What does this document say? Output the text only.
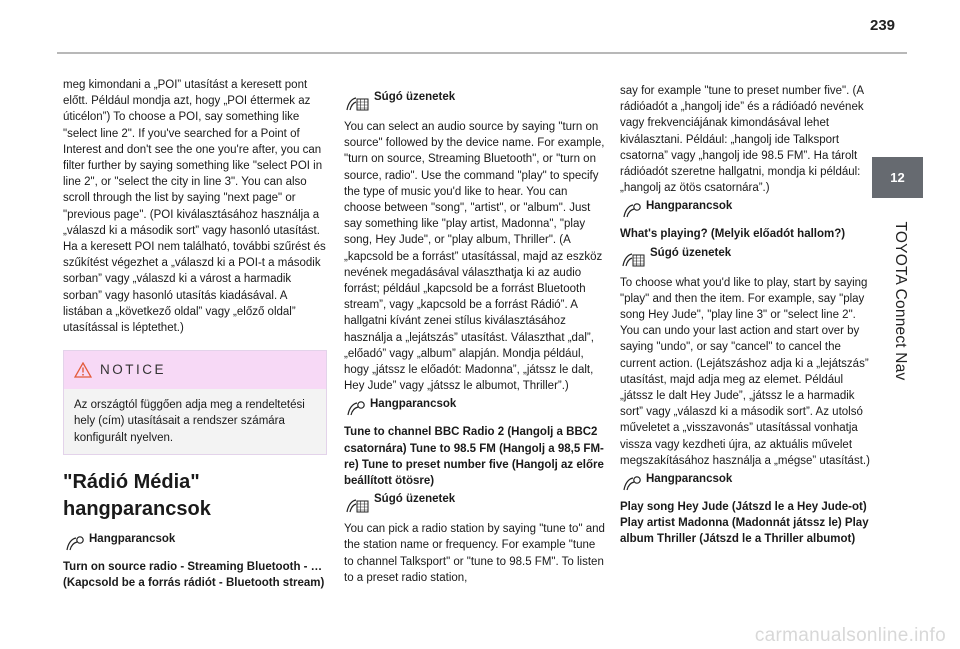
239
12
TOYOTA Connect Nav

meg kimondani a „POI” utasítást a keresett pont előtt. Például mondja azt, hogy „POI éttermek az úticélon”) To choose a POI, say something like "select line 2". If you've searched for a Point of Interest and don't see the one you're after, you can filter further by saying something like "select POI in line 2", or "select the city in line 3". You can also scroll through the list by saying "next page" or "previous page". (POI kiválasztásához használja a „válaszd ki a második sort” vagy hasonló utasítást. Ha a keresett POI nem található, további szűrést és szűkítést végezhet a „válaszd ki a POI-t a második sorban” vagy „válaszd ki a várost a harmadik sorban” vagy hasonló utasítás kiadásával. A listában a „következő oldal” vagy „előző oldal” utasítással is léptethet.)

NOTICE
Az országtól függően adja meg a rendeltetési hely (cím) utasításait a rendszer számára konfigurált nyelven.
"Rádió Média" hangparancsok
Hangparancsok

Turn on source radio - Streaming Bluetooth - … (Kapcsold be a forrás rádiót - Bluetooth stream)

Súgó üzenetek

You can select an audio source by saying "turn on source" followed by the device name. For example, "turn on source, Streaming Bluetooth", or "turn on source, radio". Use the command "play" to specify the type of music you'd like to hear. You can choose between "song", "artist", or "album". Just say something like "play artist, Madonna", "play song, Hey Jude", or "play album, Thriller". (A „kapcsold be a forrást” utasítással, majd az eszköz nevének megadásával választhatja ki az audio forrást; például „kapcsold be a forrást Bluetooth stream”, vagy „kapcsold be a forrást Rádió”. A hallgatni kívánt zenei stílus kiválasztásához használja a „lejátszás” utasítást. Választhat „dal”, „előadó” vagy „album” alapján. Mondja például, hogy „játssz le előadót: Madonna”, „játssz le dalt, Hey Jude” vagy „játssz le albumot, Thriller”.)

Hangparancsok

Tune to channel BBC Radio 2 (Hangolj a BBC2 csatornára) Tune to 98.5 FM (Hangolj a 98,5 FM-re) Tune to preset number five (Hangolj az előre beállított ötösre)

Súgó üzenetek

You can pick a radio station by saying "tune to" and the station name or frequency. For example "tune to channel Talksport" or "tune to 98.5 FM". To listen to a preset radio station,

say for example "tune to preset number five". (A rádióadót a „hangolj ide” és a rádióadó nevének vagy frekvenciájának kimondásával lehet kiválasztani. Például: „hangolj ide Talksport csatorna” vagy „hangolj ide 98.5 FM”. Ha tárolt rádióadót szeretne hallgatni, mondja ki például: „hangolj az ötös csatornára”.)

Hangparancsok

What's playing? (Melyik előadót hallom?)

Súgó üzenetek

To choose what you'd like to play, start by saying "play" and then the item. For example, say "play song Hey Jude", "play line 3" or "select line 2". You can undo your last action and start over by saying "undo", or say "cancel" to cancel the current action. (Lejátszáshoz adja ki a „lejátszás” utasítást, majd adja meg az elemet. Például „játssz le dalt Hey Jude”, „játssz le a harmadik sort” vagy „válaszd ki a második sort”. Az utolsó műveletet a „visszavonás” utasítással vonhatja vissza vagy kezdheti újra, az aktuális művelet megszakításához használja a „mégse” utasítást.)

Hangparancsok

Play song Hey Jude (Játszd le a Hey Jude-ot) Play artist Madonna (Madonnát játssz le) Play album Thriller (Játszd le a Thriller albumot)

carmanualsonline.info
